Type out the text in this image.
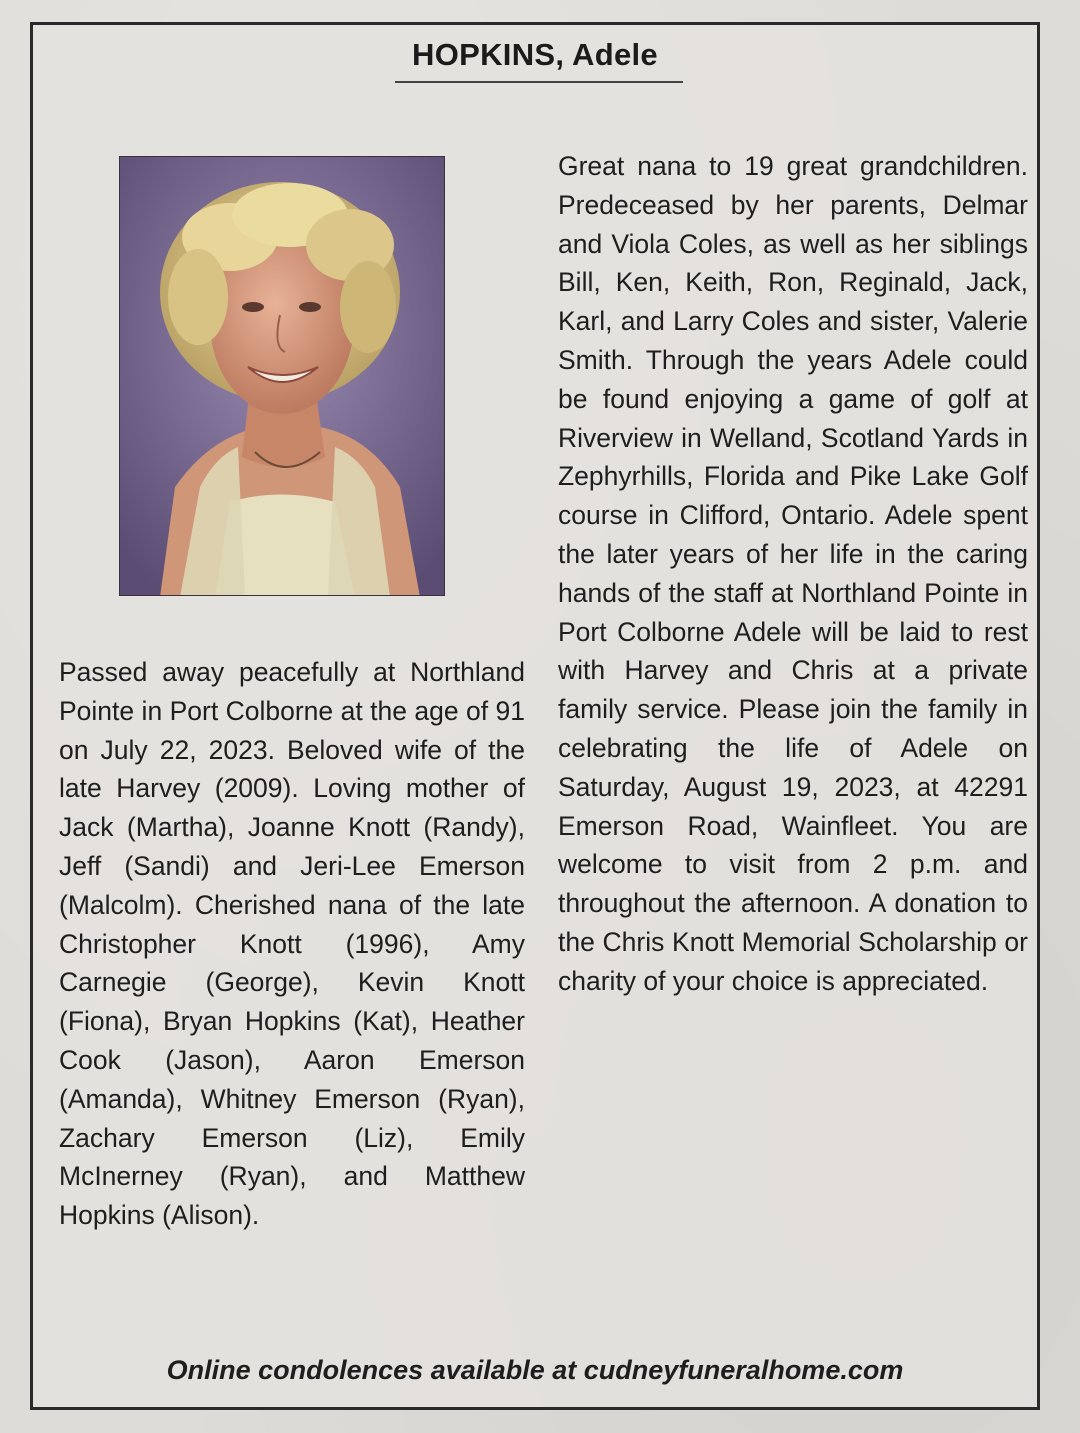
HOPKINS, Adele
Passed away peacefully at Northland Pointe in Port Colborne at the age of 91 on July 22, 2023. Beloved wife of the late Harvey (2009). Loving mother of Jack (Martha), Joanne Knott (Randy), Jeff (Sandi) and Jeri-Lee Emerson (Malcolm). Cherished nana of the late Christopher Knott (1996), Amy Carnegie (George), Kevin Knott (Fiona), Bryan Hopkins (Kat), Heather Cook (Jason), Aaron Emerson (Amanda), Whitney Emerson (Ryan), Zachary Emerson (Liz), Emily McInerney (Ryan), and Matthew Hopkins (Alison).
Great nana to 19 great grandchildren. Predeceased by her parents, Delmar and Viola Coles, as well as her siblings Bill, Ken, Keith, Ron, Reginald, Jack, Karl, and Larry Coles and sister, Valerie Smith. Through the years Adele could be found enjoying a game of golf at Riverview in Welland, Scotland Yards in Zephyrhills, Florida and Pike Lake Golf course in Clifford, Ontario. Adele spent the later years of her life in the caring hands of the staff at Northland Pointe in Port Colborne Adele will be laid to rest with Harvey and Chris at a private family service. Please join the family in celebrating the life of Adele on Saturday, August 19, 2023, at 42291 Emerson Road, Wainfleet. You are welcome to visit from 2 p.m. and throughout the afternoon. A donation to the Chris Knott Memorial Scholarship or charity of your choice is appreciated.
Online condolences available at cudneyfuneralhome.com
